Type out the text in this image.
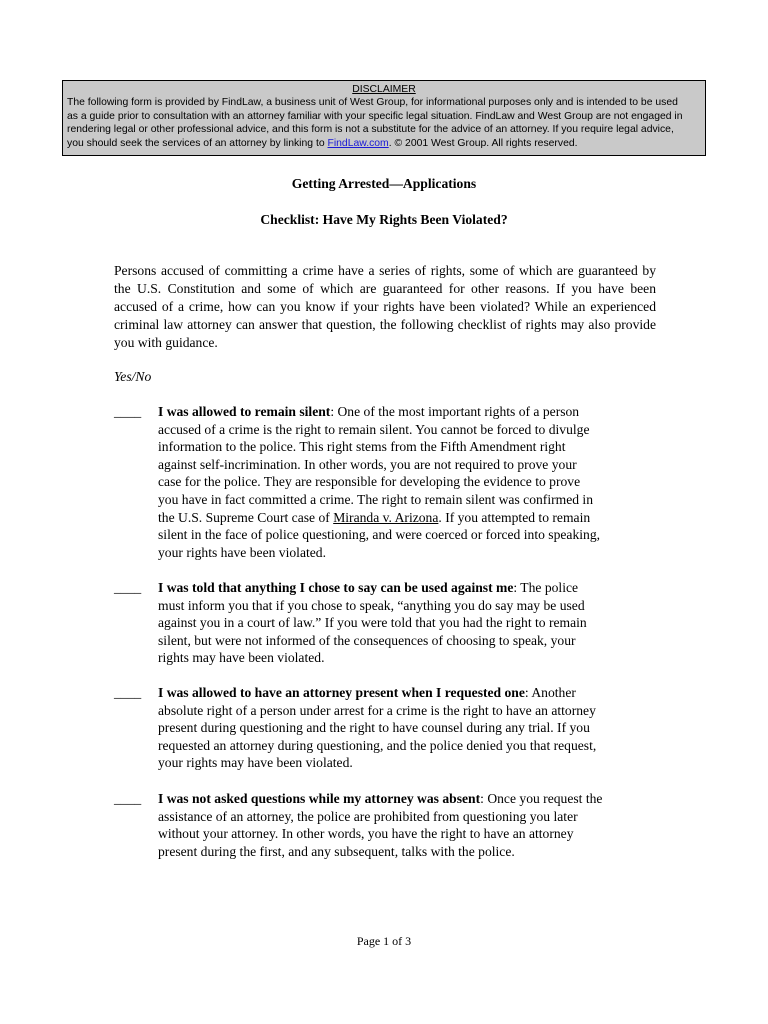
DISCLAIMER
The following form is provided by FindLaw, a business unit of West Group, for informational purposes only and is intended to be used
as a guide prior to consultation with an attorney familiar with your specific legal situation. FindLaw and West Group are not engaged in
rendering legal or other professional advice, and this form is not a substitute for the advice of an attorney. If you require legal advice,
you should seek the services of an attorney by linking to FindLaw.com. © 2001 West Group. All rights reserved.
Getting Arrested—Applications
Checklist: Have My Rights Been Violated?
Persons accused of committing a crime have a series of rights, some of which are guaranteed by the U.S. Constitution and some of which are guaranteed for other reasons. If you have been accused of a crime, how can you know if your rights have been violated? While an experienced criminal law attorney can answer that question, the following checklist of rights may also provide you with guidance.
Yes/No
____ I was allowed to remain silent: One of the most important rights of a person
accused of a crime is the right to remain silent. You cannot be forced to divulge
information to the police. This right stems from the Fifth Amendment right
against self-incrimination. In other words, you are not required to prove your
case for the police. They are responsible for developing the evidence to prove
you have in fact committed a crime. The right to remain silent was confirmed in
the U.S. Supreme Court case of Miranda v. Arizona. If you attempted to remain
silent in the face of police questioning, and were coerced or forced into speaking,
your rights have been violated.
____ I was told that anything I chose to say can be used against me: The police
must inform you that if you chose to speak, “anything you do say may be used
against you in a court of law.” If you were told that you had the right to remain
silent, but were not informed of the consequences of choosing to speak, your
rights may have been violated.
____ I was allowed to have an attorney present when I requested one: Another
absolute right of a person under arrest for a crime is the right to have an attorney
present during questioning and the right to have counsel during any trial. If you
requested an attorney during questioning, and the police denied you that request,
your rights may have been violated.
____ I was not asked questions while my attorney was absent: Once you request the
assistance of an attorney, the police are prohibited from questioning you later
without your attorney. In other words, you have the right to have an attorney
present during the first, and any subsequent, talks with the police.
Page 1 of 3
